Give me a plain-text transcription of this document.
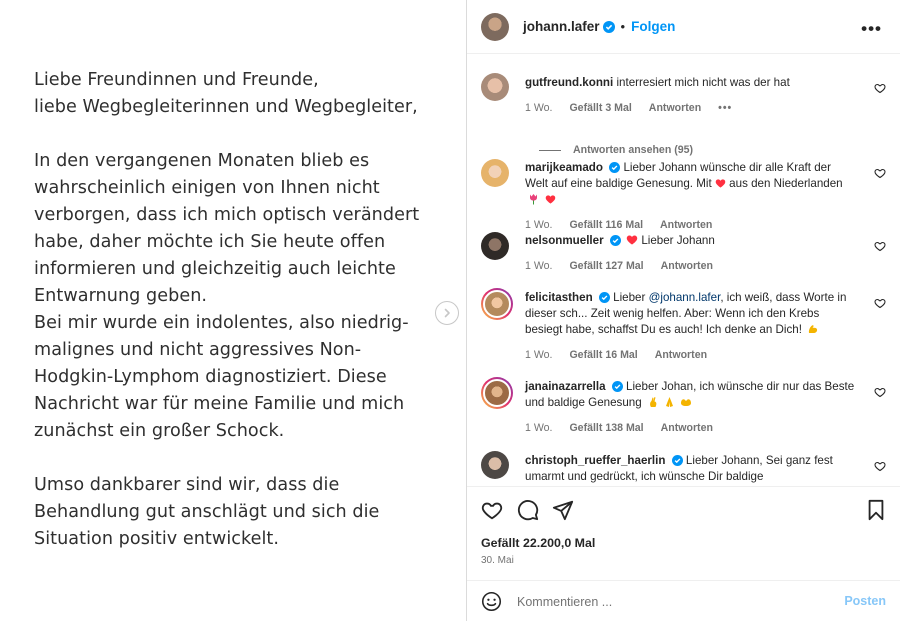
Liebe Freundinnen und Freunde,
liebe Wegbegleiterinnen und Wegbegleiter,
In den vergangenen Monaten blieb es
wahrscheinlich einigen von Ihnen nicht
verborgen, dass ich mich optisch verändert
habe, daher möchte ich Sie heute offen
informieren und gleichzeitig auch leichte
Entwarnung geben.
Bei mir wurde ein indolentes, also niedrig-
malignes und nicht aggressives Non-
Hodgkin-Lymphom diagnostiziert. Diese
Nachricht war für meine Familie und mich
zunächst ein großer Schock.
Umso dankbarer sind wir, dass die
Behandlung gut anschlägt und sich die
Situation positiv entwickelt.
johann.lafer • Folgen	•••
gutfreund.konni interresiert mich nicht was der hat
1 Wo. Gefällt 3 Mal Antworten •••
Antworten ansehen (95)
marijkeamado Lieber Johann wünsche dir alle Kraft der Welt auf eine baldige Genesung. Mit aus den Niederlanden
1 Wo. Gefällt 116 Mal Antworten
nelsonmueller	Lieber Johann
1 Wo. Gefällt 127 Mal Antworten
felicitasthen Lieber @johann.lafer, ich weiß, dass Worte in dieser sch... Zeit wenig helfen. Aber: Wenn ich den Krebs besiegt habe, schaffst Du es auch! Ich denke an Dich!
1 Wo. Gefällt 16 Mal Antworten
janainazarrella Lieber Johan, ich wünsche dir nur das Beste und baldige Genesung
1 Wo. Gefällt 138 Mal Antworten
christoph_rueffer_haerlin Lieber Johann, Sei ganz fest umarmt und gedrückt, ich wünsche Dir baldige
Gefällt 22.200,0 Mal
30. Mai
Kommentieren ...
Posten
